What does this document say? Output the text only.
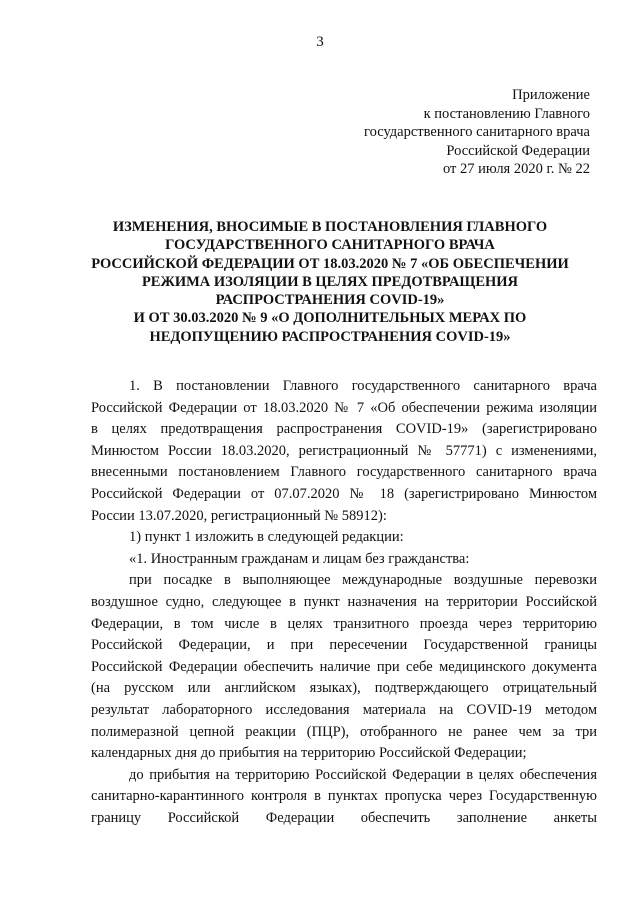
3
Приложение
к постановлению Главного
государственного санитарного врача
Российской Федерации
от 27 июля 2020 г. № 22
ИЗМЕНЕНИЯ, ВНОСИМЫЕ В ПОСТАНОВЛЕНИЯ ГЛАВНОГО
ГОСУДАРСТВЕННОГО САНИТАРНОГО ВРАЧА
РОССИЙСКОЙ ФЕДЕРАЦИИ ОТ 18.03.2020 № 7 «ОБ ОБЕСПЕЧЕНИИ
РЕЖИМА ИЗОЛЯЦИИ В ЦЕЛЯХ ПРЕДОТВРАЩЕНИЯ
РАСПРОСТРАНЕНИЯ COVID-19»
И ОТ 30.03.2020 № 9 «О ДОПОЛНИТЕЛЬНЫХ МЕРАХ ПО
НЕДОПУЩЕНИЮ РАСПРОСТРАНЕНИЯ COVID-19»
1. В постановлении Главного государственного санитарного врача
Российской Федерации от 18.03.2020 № 7 «Об обеспечении режима изоляции
в целях предотвращения распространения COVID-19» (зарегистрировано
Минюстом России 18.03.2020, регистрационный № 57771) с изменениями,
внесенными постановлением Главного государственного санитарного врача
Российской Федерации от 07.07.2020 № 18 (зарегистрировано Минюстом
России 13.07.2020, регистрационный № 58912):
1) пункт 1 изложить в следующей редакции:
«1. Иностранным гражданам и лицам без гражданства:
при посадке в выполняющее международные воздушные перевозки
воздушное судно, следующее в пункт назначения на территории Российской
Федерации, в том числе в целях транзитного проезда через территорию
Российской Федерации, и при пересечении Государственной границы
Российской Федерации обеспечить наличие при себе медицинского документа
(на русском или английском языках), подтверждающего отрицательный
результат лабораторного исследования материала на COVID-19 методом
полимеразной цепной реакции (ПЦР), отобранного не ранее чем за три
календарных дня до прибытия на территорию Российской Федерации;
до прибытия на территорию Российской Федерации в целях обеспечения
санитарно-карантинного контроля в пунктах пропуска через Государственную
границу Российской Федерации обеспечить заполнение анкеты
